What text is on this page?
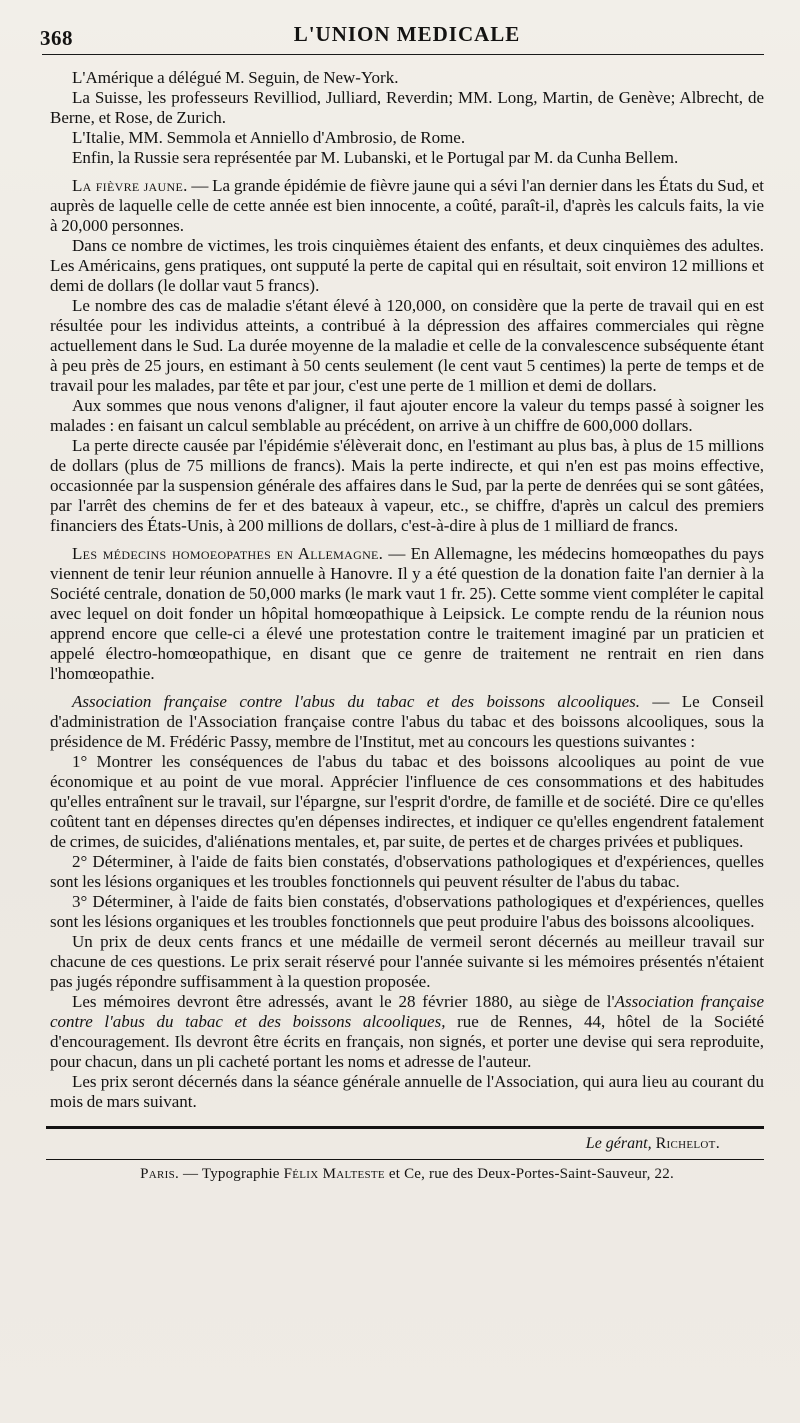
368	L'UNION MEDICALE

L'Amérique a délégué M. Seguin, de New-York.

La Suisse, les professeurs Revilliod, Julliard, Reverdin; MM. Long, Martin, de Genève; Albrecht, de Berne, et Rose, de Zurich.

L'Italie, MM. Semmola et Anniello d'Ambrosio, de Rome.

Enfin, la Russie sera représentée par M. Lubanski, et le Portugal par M. da Cunha Bellem.

La fièvre jaune. — La grande épidémie de fièvre jaune qui a sévi l'an dernier dans les États du Sud, et auprès de laquelle celle de cette année est bien innocente, a coûté, paraît-il, d'après les calculs faits, la vie à 20,000 personnes.

Dans ce nombre de victimes, les trois cinquièmes étaient des enfants, et deux cinquièmes des adultes. Les Américains, gens pratiques, ont supputé la perte de capital qui en résultait, soit environ 12 millions et demi de dollars (le dollar vaut 5 francs).

Le nombre des cas de maladie s'étant élevé à 120,000, on considère que la perte de travail qui en est résultée pour les individus atteints, a contribué à la dépression des affaires commerciales qui règne actuellement dans le Sud. La durée moyenne de la maladie et celle de la convalescence subséquente étant à peu près de 25 jours, en estimant à 50 cents seulement (le cent vaut 5 centimes) la perte de temps et de travail pour les malades, par tête et par jour, c'est une perte de 1 million et demi de dollars.

Aux sommes que nous venons d'aligner, il faut ajouter encore la valeur du temps passé à soigner les malades : en faisant un calcul semblable au précédent, on arrive à un chiffre de 600,000 dollars.

La perte directe causée par l'épidémie s'élèverait donc, en l'estimant au plus bas, à plus de 15 millions de dollars (plus de 75 millions de francs). Mais la perte indirecte, et qui n'en est pas moins effective, occasionnée par la suspension générale des affaires dans le Sud, par la perte de denrées qui se sont gâtées, par l'arrêt des chemins de fer et des bateaux à vapeur, etc., se chiffre, d'après un calcul des premiers financiers des États-Unis, à 200 millions de dollars, c'est-à-dire à plus de 1 milliard de francs.

Les médecins homoeopathes en Allemagne. — En Allemagne, les médecins homœopathes du pays viennent de tenir leur réunion annuelle à Hanovre. Il y a été question de la donation faite l'an dernier à la Société centrale, donation de 50,000 marks (le mark vaut 1 fr. 25). Cette somme vient compléter le capital avec lequel on doit fonder un hôpital homœopathique à Leipsick. Le compte rendu de la réunion nous apprend encore que celle-ci a élevé une protestation contre le traitement imaginé par un praticien et appelé électro-homœopathique, en disant que ce genre de traitement ne rentrait en rien dans l'homœopathie.

Association française contre l'abus du tabac et des boissons alcooliques. — Le Conseil d'administration de l'Association française contre l'abus du tabac et des boissons alcooliques, sous la présidence de M. Frédéric Passy, membre de l'Institut, met au concours les questions suivantes :

1° Montrer les conséquences de l'abus du tabac et des boissons alcooliques au point de vue économique et au point de vue moral. Apprécier l'influence de ces consommations et des habitudes qu'elles entraînent sur le travail, sur l'épargne, sur l'esprit d'ordre, de famille et de société. Dire ce qu'elles coûtent tant en dépenses directes qu'en dépenses indirectes, et indiquer ce qu'elles engendrent fatalement de crimes, de suicides, d'aliénations mentales, et, par suite, de pertes et de charges privées et publiques.

2° Déterminer, à l'aide de faits bien constatés, d'observations pathologiques et d'expériences, quelles sont les lésions organiques et les troubles fonctionnels qui peuvent résulter de l'abus du tabac.

3° Déterminer, à l'aide de faits bien constatés, d'observations pathologiques et d'expériences, quelles sont les lésions organiques et les troubles fonctionnels que peut produire l'abus des boissons alcooliques.

Un prix de deux cents francs et une médaille de vermeil seront décernés au meilleur travail sur chacune de ces questions. Le prix serait réservé pour l'année suivante si les mémoires présentés n'étaient pas jugés répondre suffisamment à la question proposée.

Les mémoires devront être adressés, avant le 28 février 1880, au siège de l'Association française contre l'abus du tabac et des boissons alcooliques, rue de Rennes, 44, hôtel de la Société d'encouragement. Ils devront être écrits en français, non signés, et porter une devise qui sera reproduite, pour chacun, dans un pli cacheté portant les noms et adresse de l'auteur.

Les prix seront décernés dans la séance générale annuelle de l'Association, qui aura lieu au courant du mois de mars suivant.

Le gérant, Richelot.
Paris. — Typographie Félix Malteste et Ce, rue des Deux-Portes-Saint-Sauveur, 22.
